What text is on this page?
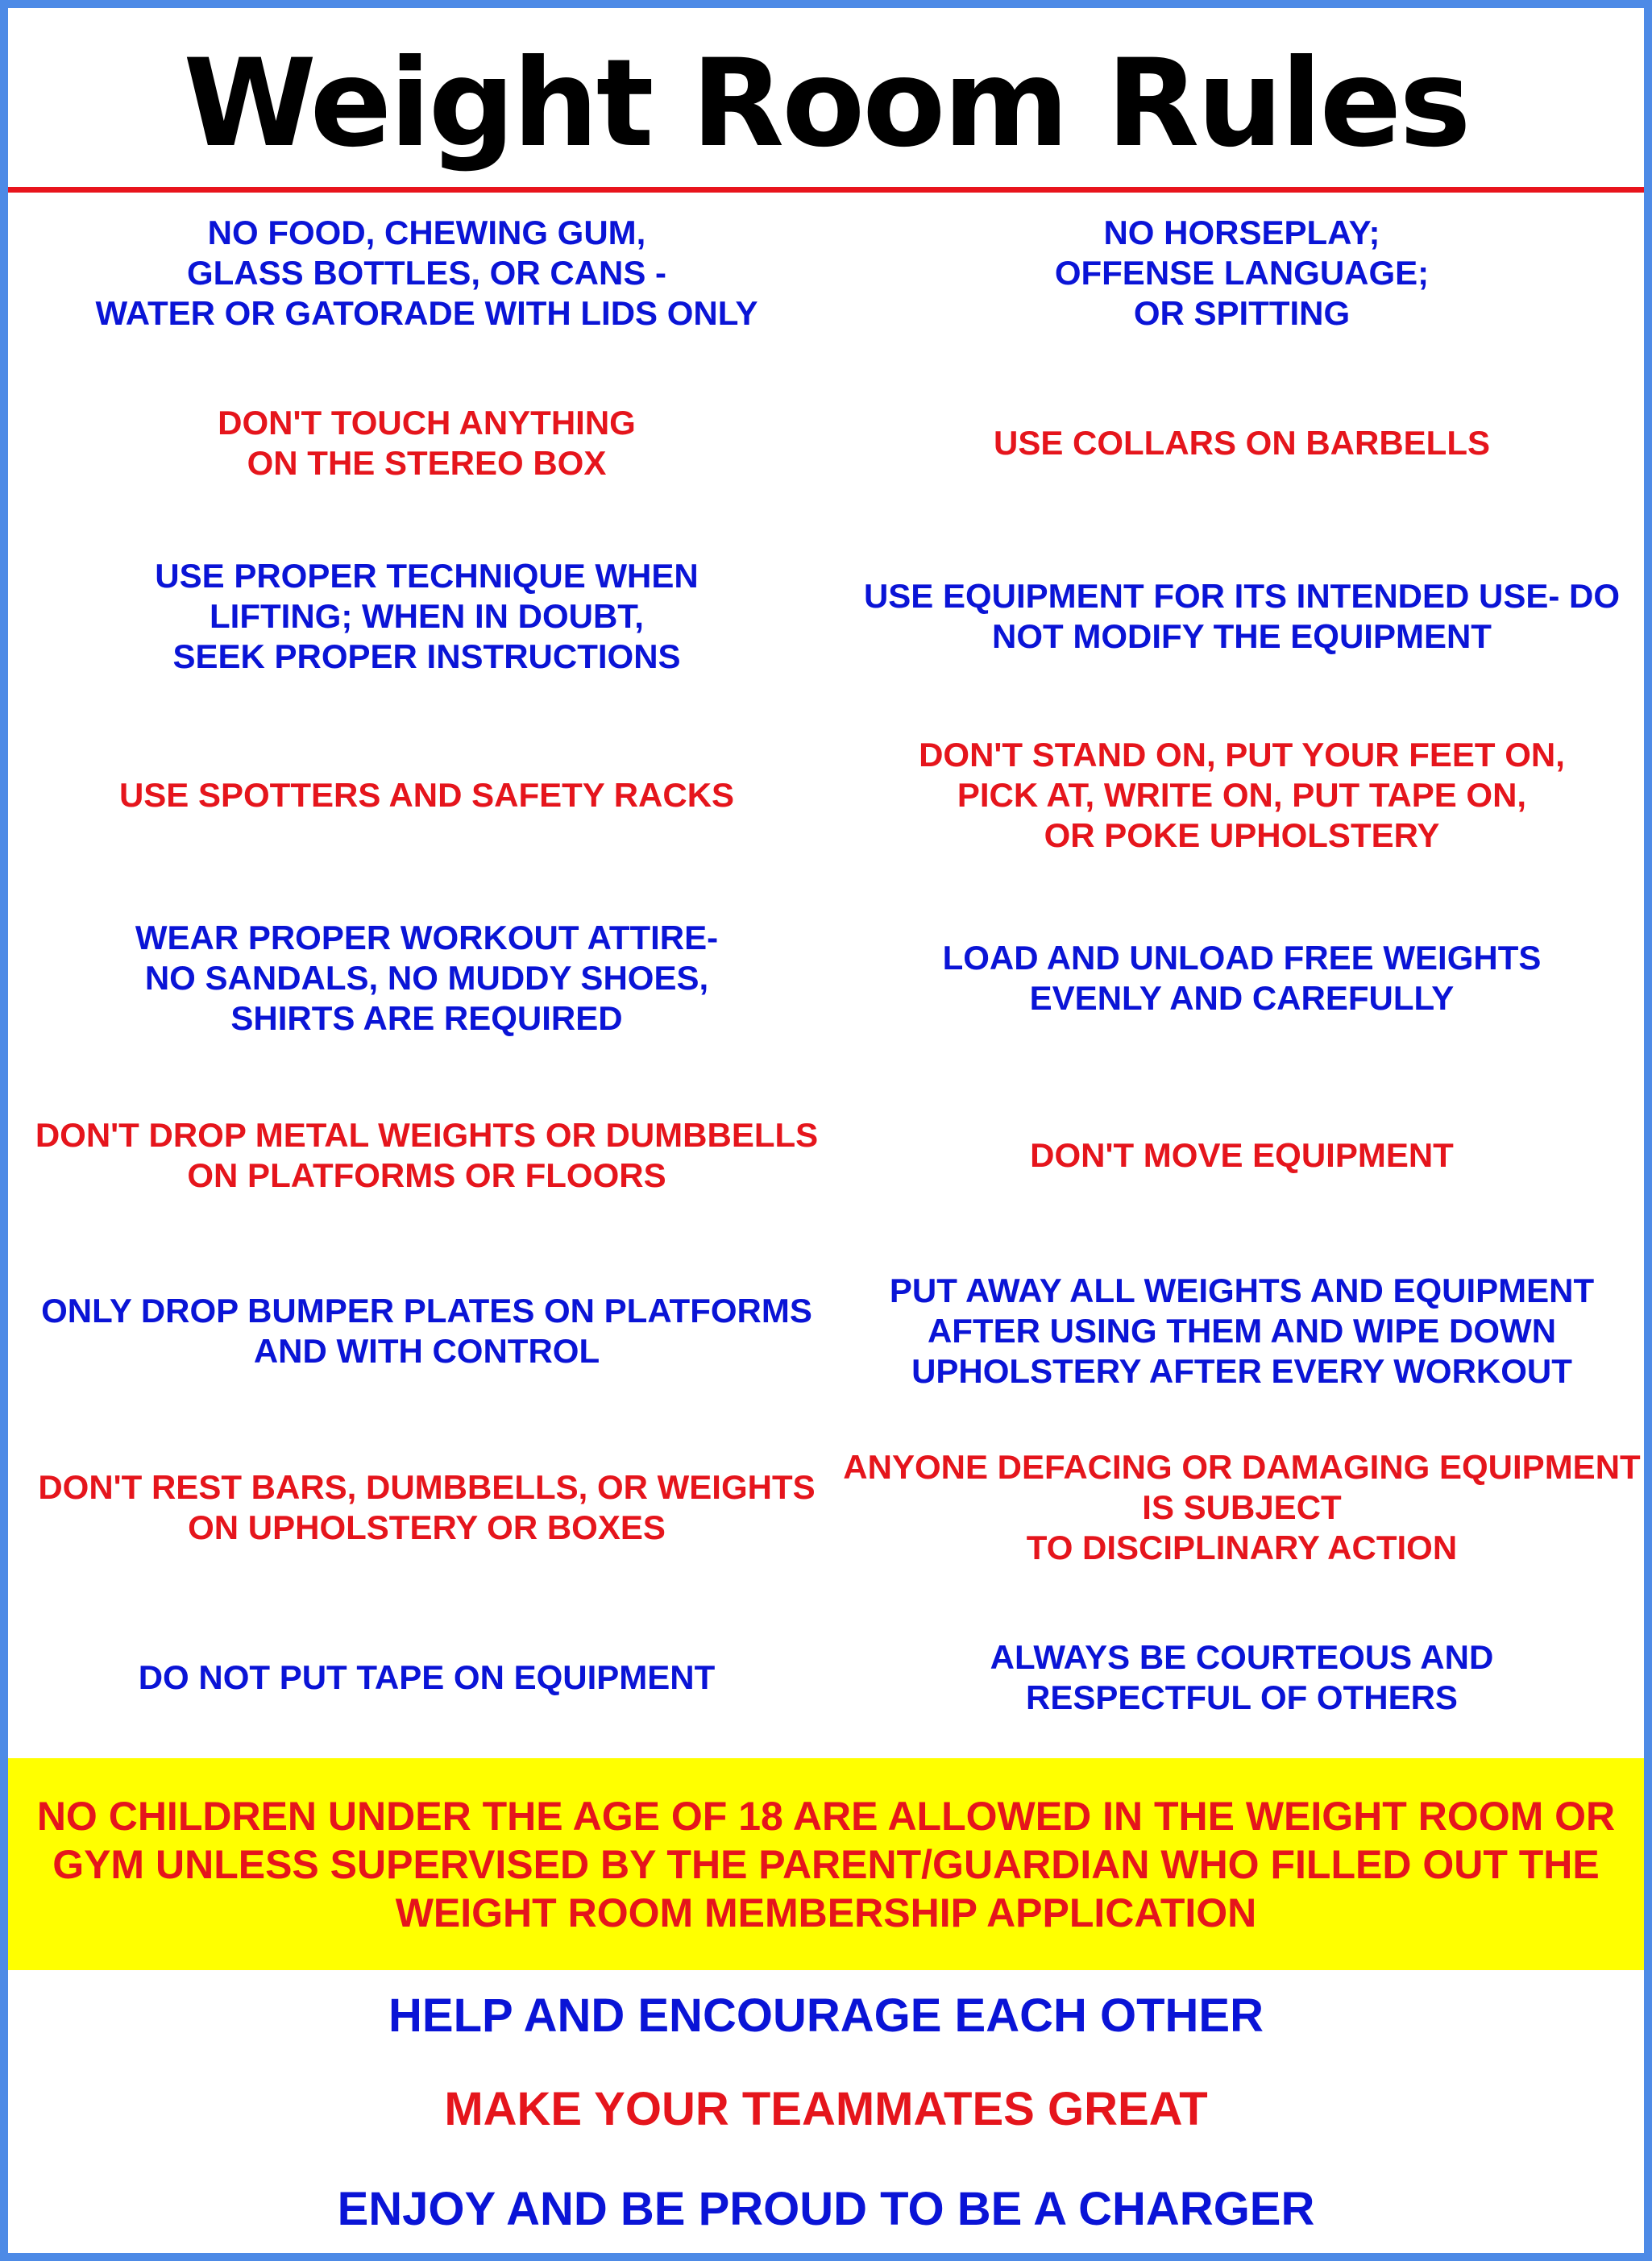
Weight Room Rules
NO FOOD, CHEWING GUM,
GLASS BOTTLES, OR CANS -
WATER OR GATORADE WITH LIDS ONLY
NO HORSEPLAY;
OFFENSE LANGUAGE;
OR SPITTING
DON'T TOUCH ANYTHING
ON THE STEREO BOX
USE COLLARS ON BARBELLS
USE PROPER TECHNIQUE WHEN
LIFTING; WHEN IN DOUBT,
SEEK PROPER INSTRUCTIONS
USE EQUIPMENT FOR ITS INTENDED USE- DO
NOT MODIFY THE EQUIPMENT
USE SPOTTERS AND SAFETY RACKS
DON'T STAND ON, PUT YOUR FEET ON,
PICK AT, WRITE ON, PUT TAPE ON,
OR POKE UPHOLSTERY
WEAR PROPER WORKOUT ATTIRE-
NO SANDALS, NO MUDDY SHOES,
SHIRTS ARE REQUIRED
LOAD AND UNLOAD FREE WEIGHTS
EVENLY AND CAREFULLY
DON'T DROP METAL WEIGHTS OR DUMBBELLS
ON PLATFORMS OR FLOORS
DON'T MOVE EQUIPMENT
ONLY DROP BUMPER PLATES ON PLATFORMS
AND WITH CONTROL
PUT AWAY ALL WEIGHTS AND EQUIPMENT
AFTER USING THEM AND WIPE DOWN
UPHOLSTERY AFTER EVERY WORKOUT
DON'T REST BARS, DUMBBELLS, OR WEIGHTS
ON UPHOLSTERY OR BOXES
ANYONE DEFACING OR DAMAGING EQUIPMENT
IS SUBJECT
TO DISCIPLINARY ACTION
DO NOT PUT TAPE ON EQUIPMENT
ALWAYS BE COURTEOUS AND
RESPECTFUL OF OTHERS
NO CHILDREN UNDER THE AGE OF 18 ARE ALLOWED IN THE WEIGHT ROOM OR
GYM UNLESS SUPERVISED BY THE PARENT/GUARDIAN WHO FILLED OUT THE
WEIGHT ROOM MEMBERSHIP APPLICATION
HELP AND ENCOURAGE EACH OTHER
MAKE YOUR TEAMMATES GREAT
ENJOY AND BE PROUD TO BE A CHARGER
